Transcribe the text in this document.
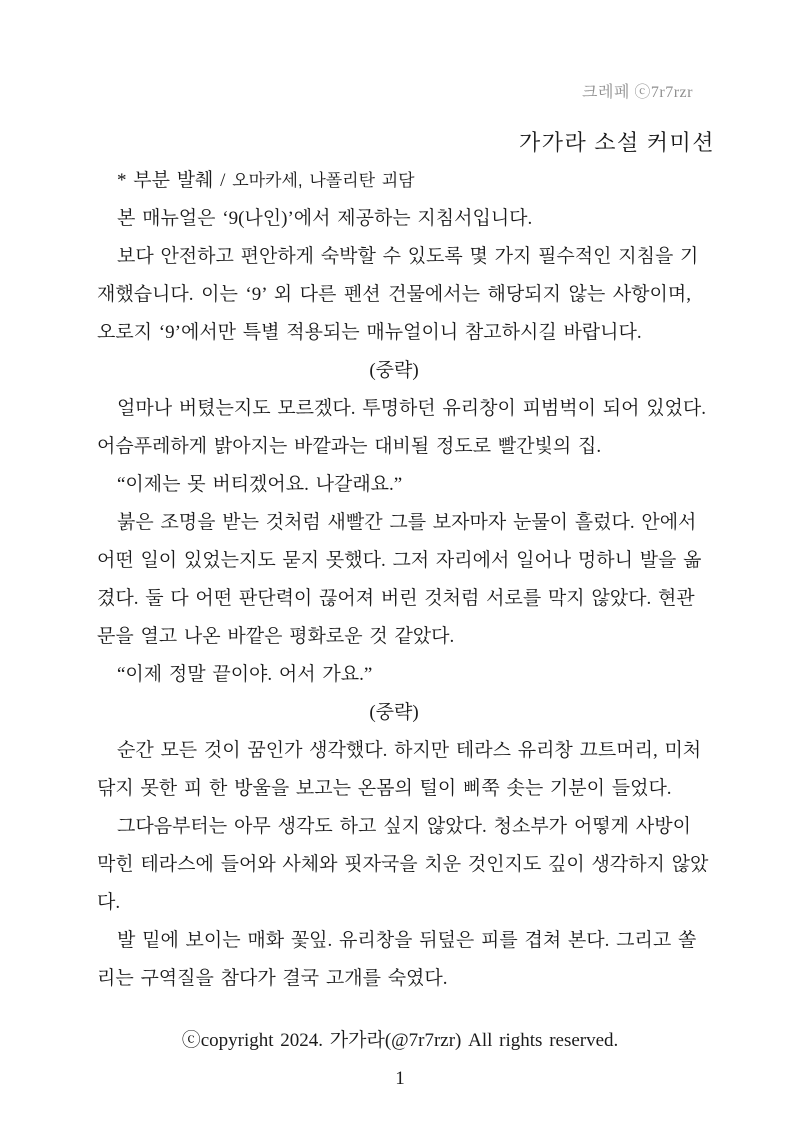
크레페 ⓒ7r7rzr
가가라 소설 커미션
* 부분 발췌 / 오마카세, 나폴리탄 괴담
본 매뉴얼은 ‘9(나인)’에서 제공하는 지침서입니다.
보다 안전하고 편안하게 숙박할 수 있도록 몇 가지 필수적인 지침을 기
재했습니다. 이는 ‘9’ 외 다른 펜션 건물에서는 해당되지 않는 사항이며,
오로지 ‘9’에서만 특별 적용되는 매뉴얼이니 참고하시길 바랍니다.
(중략)
얼마나 버텼는지도 모르겠다. 투명하던 유리창이 피범벅이 되어 있었다.
어슴푸레하게 밝아지는 바깥과는 대비될 정도로 빨간빛의 집.
“이제는 못 버티겠어요. 나갈래요.”
붉은 조명을 받는 것처럼 새빨간 그를 보자마자 눈물이 흘렀다. 안에서
어떤 일이 있었는지도 묻지 못했다. 그저 자리에서 일어나 멍하니 발을 옮
겼다. 둘 다 어떤 판단력이 끊어져 버린 것처럼 서로를 막지 않았다. 현관
문을 열고 나온 바깥은 평화로운 것 같았다.
“이제 정말 끝이야. 어서 가요.”
(중략)
순간 모든 것이 꿈인가 생각했다. 하지만 테라스 유리창 끄트머리, 미처
닦지 못한 피 한 방울을 보고는 온몸의 털이 삐쭉 솟는 기분이 들었다.
그다음부터는 아무 생각도 하고 싶지 않았다. 청소부가 어떻게 사방이
막힌 테라스에 들어와 사체와 핏자국을 치운 것인지도 깊이 생각하지 않았
다.
발 밑에 보이는 매화 꽃잎. 유리창을 뒤덮은 피를 겹쳐 본다. 그리고 쏠
리는 구역질을 참다가 결국 고개를 숙였다.
ⓒcopyright 2024. 가가라(@7r7rzr) All rights reserved.
1
